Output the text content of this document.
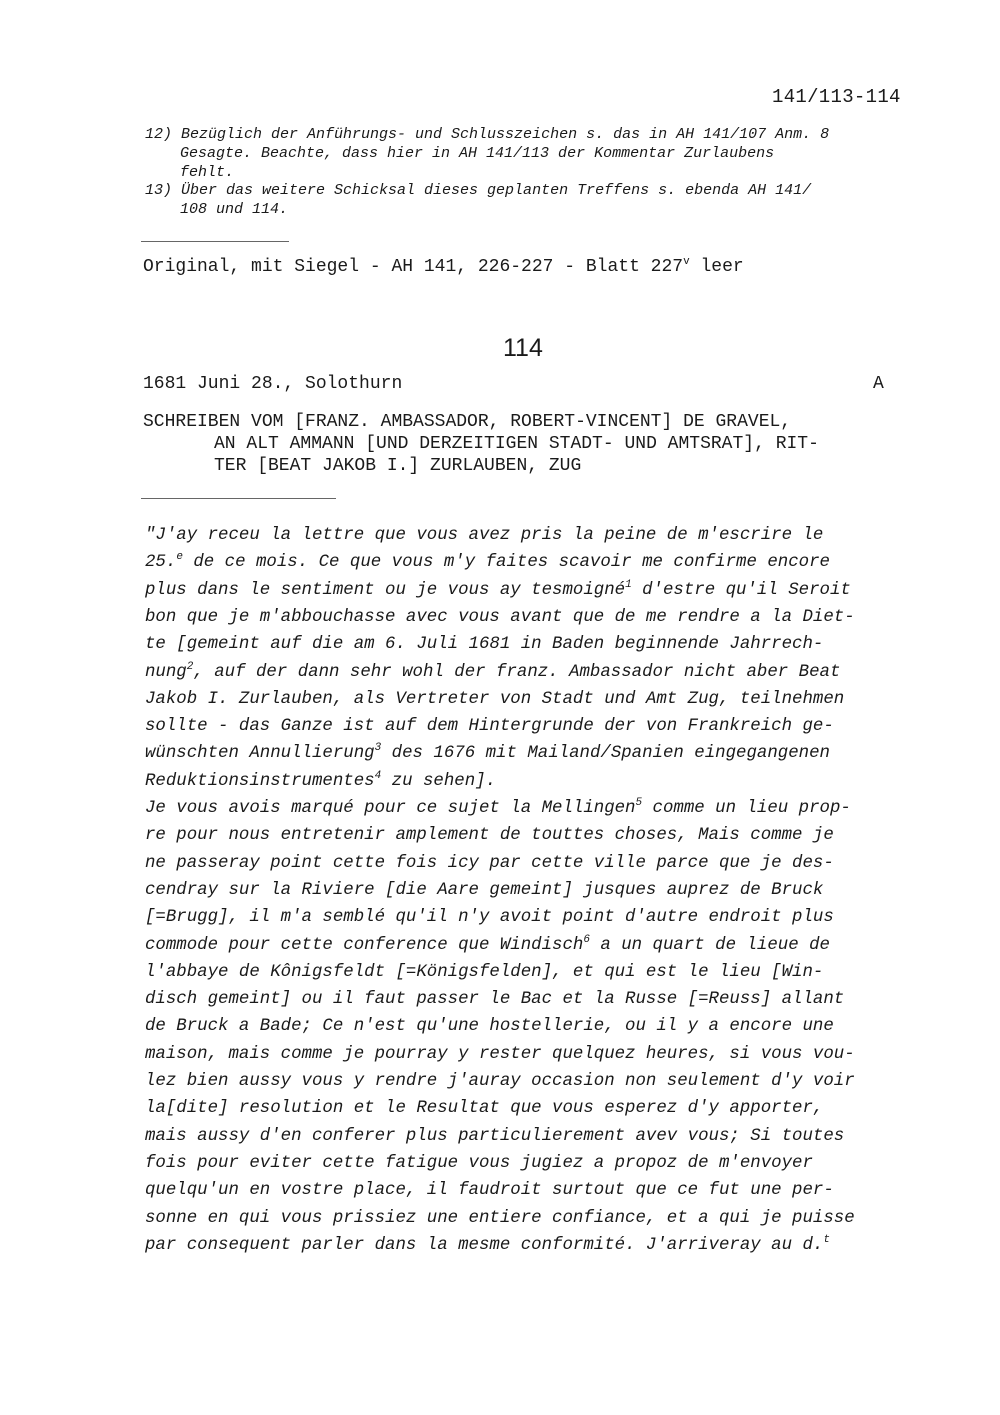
141/113-114
12) Bezüglich der Anführungs- und Schlusszeichen s. das in AH 141/107 Anm. 8
Gesagte. Beachte, dass hier in AH 141/113 der Kommentar Zurlaubens
fehlt.
13) Über das weitere Schicksal dieses geplanten Treffens s. ebenda AH 141/
108 und 114.
Original, mit Siegel - AH 141, 226-227 - Blatt 227$^v$ leer
114
1681 Juni 28., Solothurn	A
SCHREIBEN VOM [FRANZ. AMBASSADOR, ROBERT-VINCENT] DE GRAVEL,
AN ALT AMMANN [UND DERZEITIGEN STADT- UND AMTSRAT], RIT-
TER [BEAT JAKOB I.] ZURLAUBEN, ZUG
"J'ay receu la lettre que vous avez pris la peine de m'escrire le
25.$^e$ de ce mois. Ce que vous m'y faites scavoir me confirme encore
plus dans le sentiment ou je vous ay tesmoigné$^1$ d'estre qu'il Seroit
bon que je m'abbouchasse avec vous avant que de me rendre a la Diet-
te [gemeint auf die am 6. Juli 1681 in Baden beginnende Jahrrech-
nung$^2$, auf der dann sehr wohl der franz. Ambassador nicht aber Beat
Jakob I. Zurlauben, als Vertreter von Stadt und Amt Zug, teilnehmen
sollte - das Ganze ist auf dem Hintergrunde der von Frankreich ge-
wünschten Annullierung$^3$ des 1676 mit Mailand/Spanien eingegangenen
Reduktionsinstrumentes$^4$ zu sehen].
Je vous avois marqué pour ce sujet la Mellingen$^5$ comme un lieu prop-
re pour nous entretenir amplement de touttes choses, Mais comme je
ne passeray point cette fois icy par cette ville parce que je des-
cendray sur la Riviere [die Aare gemeint] jusques auprez de Bruck
[=Brugg], il m'a semblé qu'il n'y avoit point d'autre endroit plus
commode pour cette conference que Windisch$^6$ a un quart de lieue de
l'abbaye de Kônigsfeldt [=Königsfelden], et qui est le lieu [Win-
disch gemeint] ou il faut passer le Bac et la Russe [=Reuss] allant
de Bruck a Bade; Ce n'est qu'une hostellerie, ou il y a encore une
maison, mais comme je pourray y rester quelquez heures, si vous vou-
lez bien aussy vous y rendre j'auray occasion non seulement d'y voir
la[dite] resolution et le Resultat que vous esperez d'y apporter,
mais aussy d'en conferer plus particulierement avev vous; Si toutes
fois pour eviter cette fatigue vous jugiez a propoz de m'envoyer
quelqu'un en vostre place, il faudroit surtout que ce fut une per-
sonne en qui vous prissiez une entiere confiance, et a qui je puisse
par consequent parler dans la mesme conformité. J'arriveray au d.$^t$
